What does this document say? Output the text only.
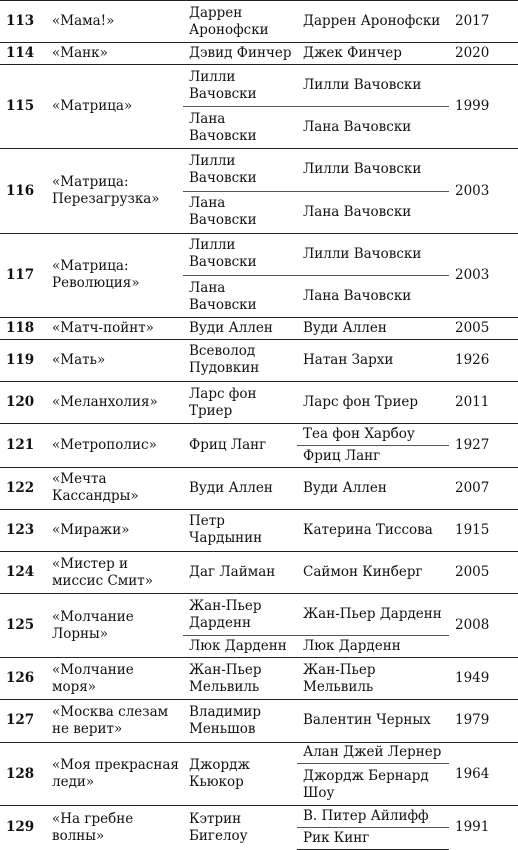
113	«Мама!»	Даррен Аронофски	Даррен Аронофски	2017
114	«Манк»	Дэвид Финчер	Джек Финчер	2020
115	«Матрица»	Лилли Вачовски	Лилли Вачовски	1999
		Лана Вачовски	Лана Вачовски	
116	«Матрица: Перезагрузка»	Лилли Вачовски	Лилли Вачовски	2003
		Лана Вачовски	Лана Вачовски	
117	«Матрица: Революция»	Лилли Вачовски	Лилли Вачовски	2003
		Лана Вачовски	Лана Вачовски	
118	«Матч-пойнт»	Вуди Аллен	Вуди Аллен	2005
119	«Мать»	Всеволод Пудовкин	Натан Зархи	1926
120	«Меланхолия»	Ларс фон Триер	Ларс фон Триер	2011
121	«Метрополис»	Фриц Ланг	Теа фон Харбоу	1927
			Фриц Ланг	
122	«Мечта Кассандры»	Вуди Аллен	Вуди Аллен	2007
123	«Миражи»	Петр Чардынин	Катерина Тиссова	1915
124	«Мистер и миссис Смит»	Даг Лайман	Саймон Кинберг	2005
125	«Молчание Лорны»	Жан-Пьер Дарденн	Жан-Пьер Дарденн	2008
		Люк Дарденн	Люк Дарденн	
126	«Молчание моря»	Жан-Пьер Мельвиль	Жан-Пьер Мельвиль	1949
127	«Москва слезам не верит»	Владимир Меньшов	Валентин Черных	1979
128	«Моя прекрасная леди»	Джордж Кьюкор	Алан Джей Лернер	1964
			Джордж Бернард Шоу	
129	«На гребне волны»	Кэтрин Бигелоу	В. Питер Айлифф	1991
			Рик Кинг	
